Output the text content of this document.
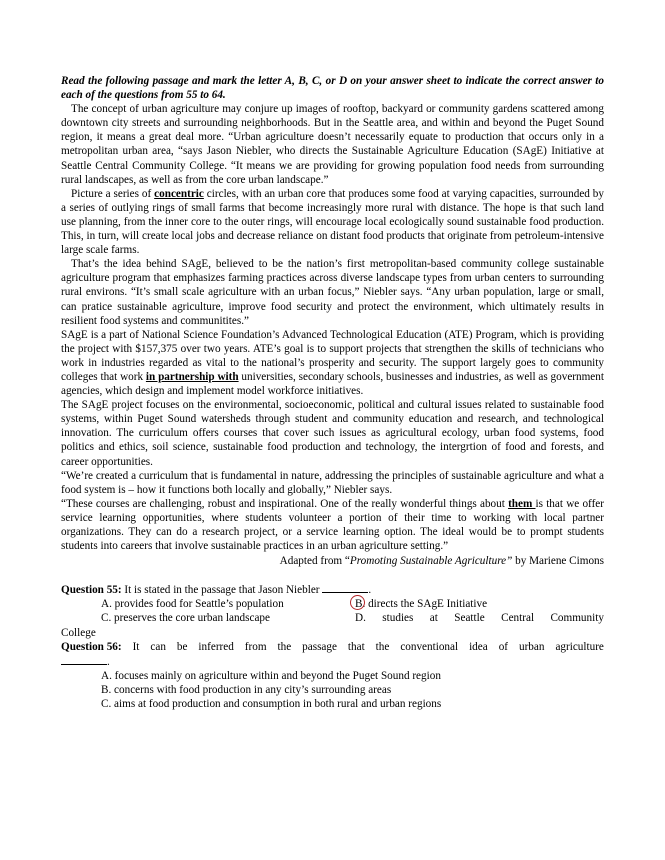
Read the following passage and mark the letter A, B, C, or D on your answer sheet to indicate the correct answer to each of the questions from 55 to 64.

The concept of urban agriculture may conjure up images of rooftop, backyard or community gardens scattered among downtown city streets and surrounding neighborhoods. But in the Seattle area, and within and beyond the Puget Sound region, it means a great deal more. “Urban agriculture doesn’t necessarily equate to production that occurs only in a metropolitan urban area, “says Jason Niebler, who directs the Sustainable Agriculture Education (SAgE) Initiative at Seattle Central Community College. “It means we are providing for growing population food needs from surrounding rural landscapes, as well as from the core urban landscape.”

Picture a series of concentric circles, with an urban core that produces some food at varying capacities, surrounded by a series of outlying rings of small farms that become increasingly more rural with distance. The hope is that such land use planning, from the inner core to the outer rings, will encourage local ecologically sound sustainable food production. This, in turn, will create local jobs and decrease reliance on distant food products that originate from petroleum-intensive large scale farms.

That’s the idea behind SAgE, believed to be the nation’s first metropolitan-based community college sustainable agriculture program that emphasizes farming practices across diverse landscape types from urban centers to surrounding rural environs. “It’s small scale agriculture with an urban focus,” Niebler says. “Any urban population, large or small, can pratice sustainable agriculture, improve food security and protect the environment, which ultimately results in resilient food systems and communitites.”

SAgE is a part of National Science Foundation’s Advanced Technological Education (ATE) Program, which is providing the project with $157,375 over two years. ATE’s goal is to support projects that strengthen the skills of technicians who work in industries regarded as vital to the national’s prosperity and security. The support largely goes to community colleges that work in partnership with universities, secondary schools, businesses and industries, as well as government agencies, which design and implement model workforce initiatives.

The SAgE project focuses on the environmental, socioeconomic, political and cultural issues related to sustainable food systems, within Puget Sound watersheds through student and community education and research, and technological innovation. The curriculum offers courses that cover such issues as agricultural ecology, urban food systems, food politics and ethics, soil science, sustainable food production and technology, the intergrtion of food and forests, and career opportunities.

“We’re created a curriculum that is fundamental in nature, addressing the principles of sustainable agriculture and what a food system is – how it functions both locally and globally,” Niebler says.

“These courses are challenging, robust and inspirational. One of the really wonderful things about them is that we offer service learning opportunities, where students volunteer a portion of their time to working with local partner organizations. They can do a research project, or a service learning option. The ideal would be to prompt students students into careers that involve sustainable practices in an urban agriculture setting.”

Adapted from “Promoting Sustainable Agriculture” by Mariene Cimons
Question 55: It is stated in the passage that Jason Niebler	.
A. provides food for Seattle’s population	B. directs the SAgE Initiative
C. preserves the core urban landscape	D. studies at Seattle Central Community
College
Question 56: It can be inferred from the passage that the conventional idea of urban agriculture
.
A. focuses mainly on agriculture within and beyond the Puget Sound region
B. concerns with food production in any city’s surrounding areas
C. aims at food production and consumption in both rural and urban regions
